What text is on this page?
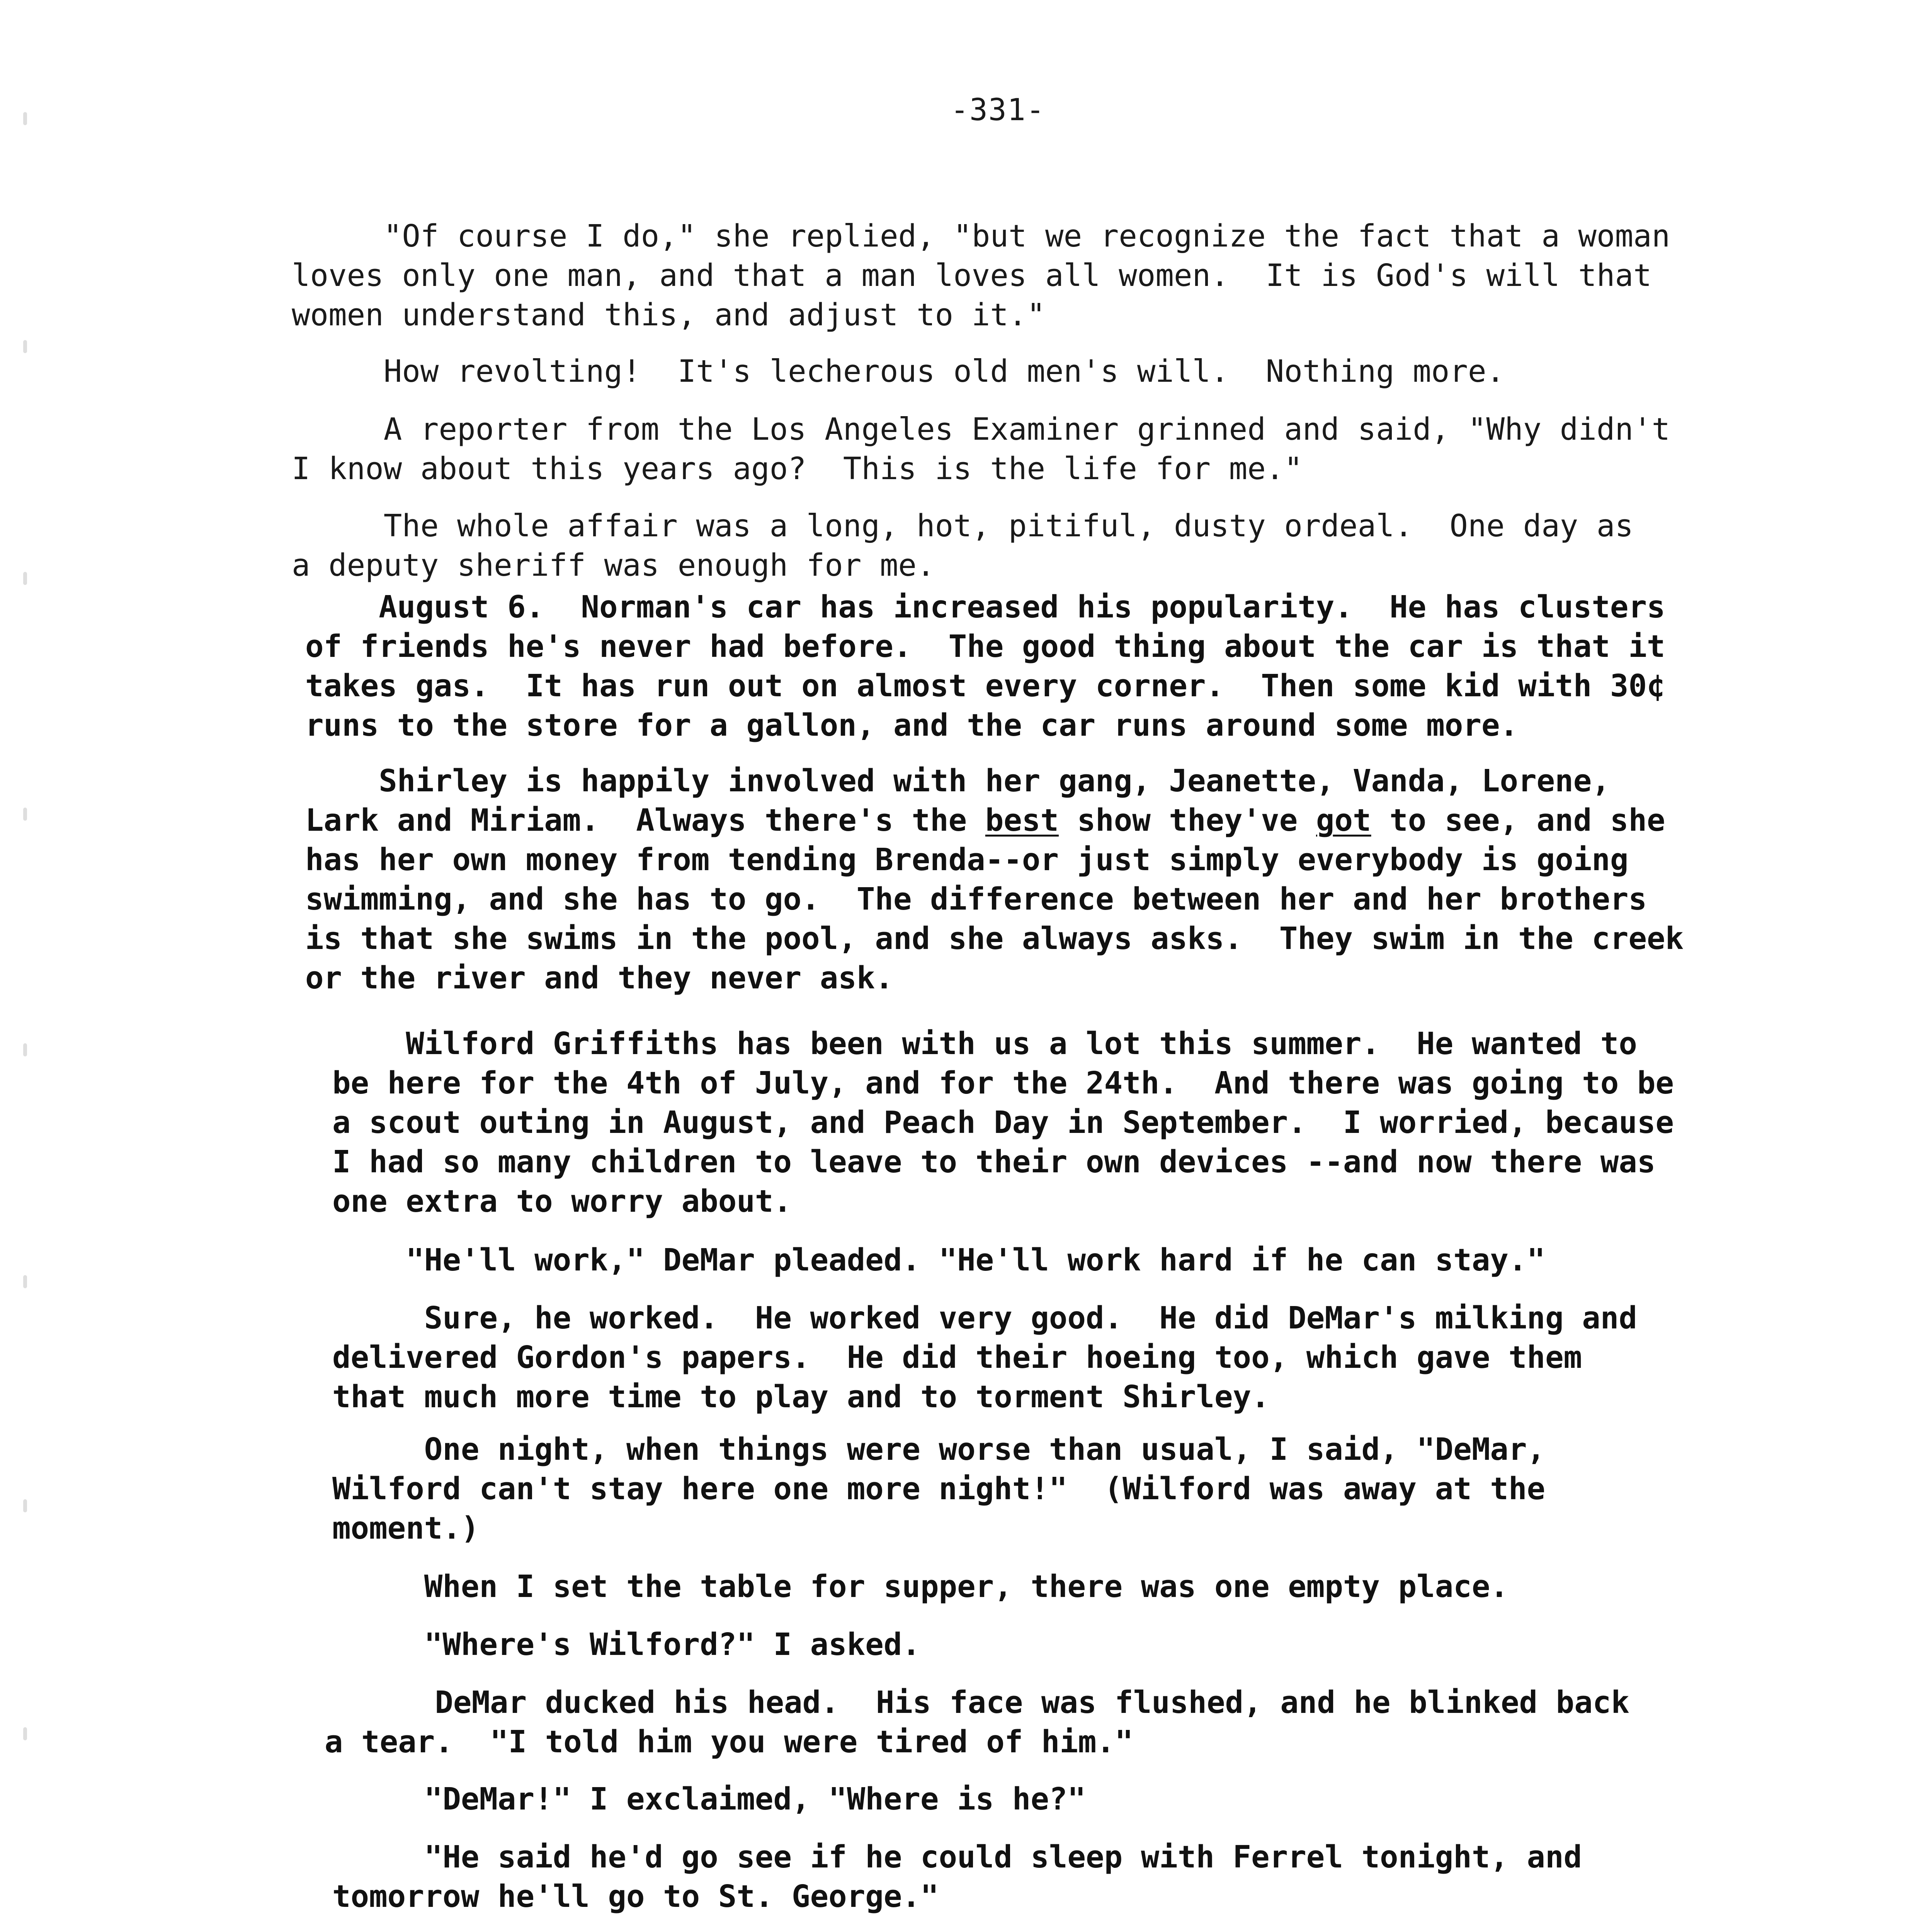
-331-
"Of course I do," she replied, "but we recognize the fact that a woman
loves only one man, and that a man loves all women.  It is God's will that
women understand this, and adjust to it."
How revolting!  It's lecherous old men's will.  Nothing more.
A reporter from the Los Angeles Examiner grinned and said, "Why didn't
I know about this years ago?  This is the life for me."
The whole affair was a long, hot, pitiful, dusty ordeal.  One day as
a deputy sheriff was enough for me.
August 6.  Norman's car has increased his popularity.  He has clusters
of friends he's never had before.  The good thing about the car is that it
takes gas.  It has run out on almost every corner.  Then some kid with 30¢
runs to the store for a gallon, and the car runs around some more.
Shirley is happily involved with her gang, Jeanette, Vanda, Lorene,
Lark and Miriam.  Always there's the best show they've got to see, and she
has her own money from tending Brenda--or just simply everybody is going
swimming, and she has to go.  The difference between her and her brothers
is that she swims in the pool, and she always asks.  They swim in the creek
or the river and they never ask.
Wilford Griffiths has been with us a lot this summer.  He wanted to
be here for the 4th of July, and for the 24th.  And there was going to be
a scout outing in August, and Peach Day in September.  I worried, because
I had so many children to leave to their own devices --and now there was
one extra to worry about.
"He'll work," DeMar pleaded. "He'll work hard if he can stay."
Sure, he worked.  He worked very good.  He did DeMar's milking and
delivered Gordon's papers.  He did their hoeing too, which gave them
that much more time to play and to torment Shirley.
One night, when things were worse than usual, I said, "DeMar,
Wilford can't stay here one more night!"  (Wilford was away at the
moment.)
When I set the table for supper, there was one empty place.
"Where's Wilford?" I asked.
DeMar ducked his head.  His face was flushed, and he blinked back
a tear.  "I told him you were tired of him."
"DeMar!" I exclaimed, "Where is he?"
"He said he'd go see if he could sleep with Ferrel tonight, and
tomorrow he'll go to St. George."
